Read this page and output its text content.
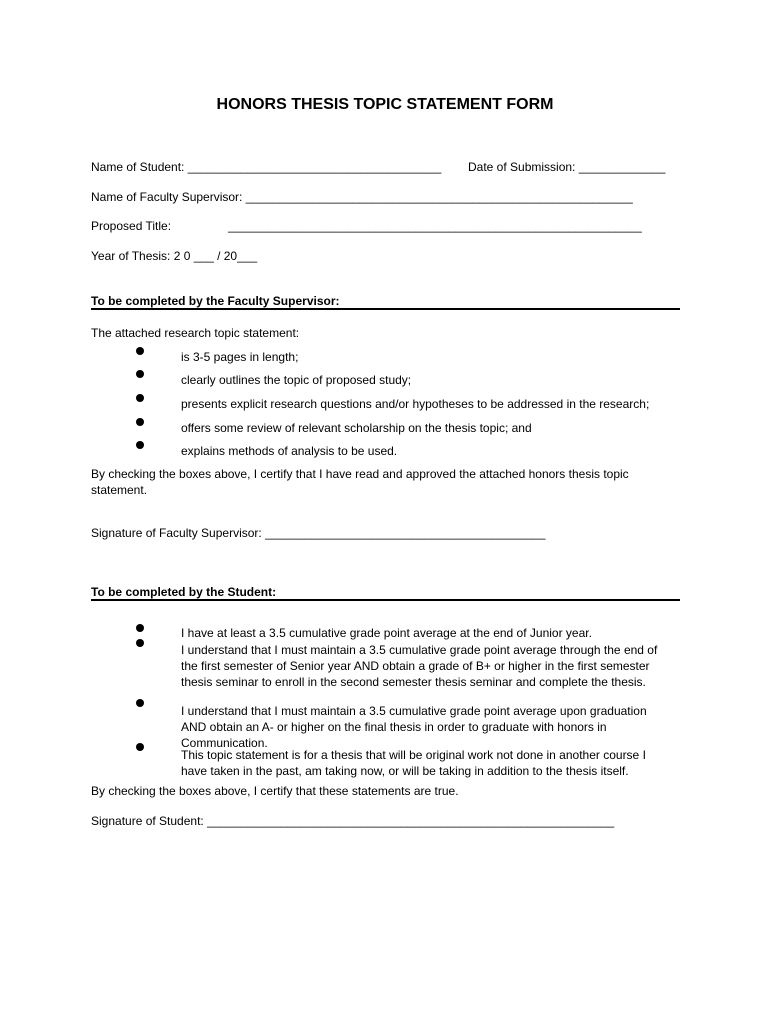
HONORS THESIS TOPIC STATEMENT FORM
Name of Student: ______________________________________ Date of Submission: _____________
Name of Faculty Supervisor: __________________________________________________________
Proposed Title:	______________________________________________________________
Year of Thesis: 2 0 ___ / 20___
To be completed by the Faculty Supervisor:
The attached research topic statement:
is 3-5 pages in length;
clearly outlines the topic of proposed study;
presents explicit research questions and/or hypotheses to be addressed in the research;
offers some review of relevant scholarship on the thesis topic; and
explains methods of analysis to be used.
By checking the boxes above, I certify that I have read and approved the attached honors thesis topic statement.
Signature of Faculty Supervisor: __________________________________________
To be completed by the Student:
I have at least a 3.5 cumulative grade point average at the end of Junior year.
I understand that I must maintain a 3.5 cumulative grade point average through the end of the first semester of Senior year AND obtain a grade of B+ or higher in the first semester thesis seminar to enroll in the second semester thesis seminar and complete the thesis.
I understand that I must maintain a 3.5 cumulative grade point average upon graduation AND obtain an A- or higher on the final thesis in order to graduate with honors in Communication.
This topic statement is for a thesis that will be original work not done in another course I have taken in the past, am taking now, or will be taking in addition to the thesis itself.
By checking the boxes above, I certify that these statements are true.
Signature of Student: _____________________________________________________________
